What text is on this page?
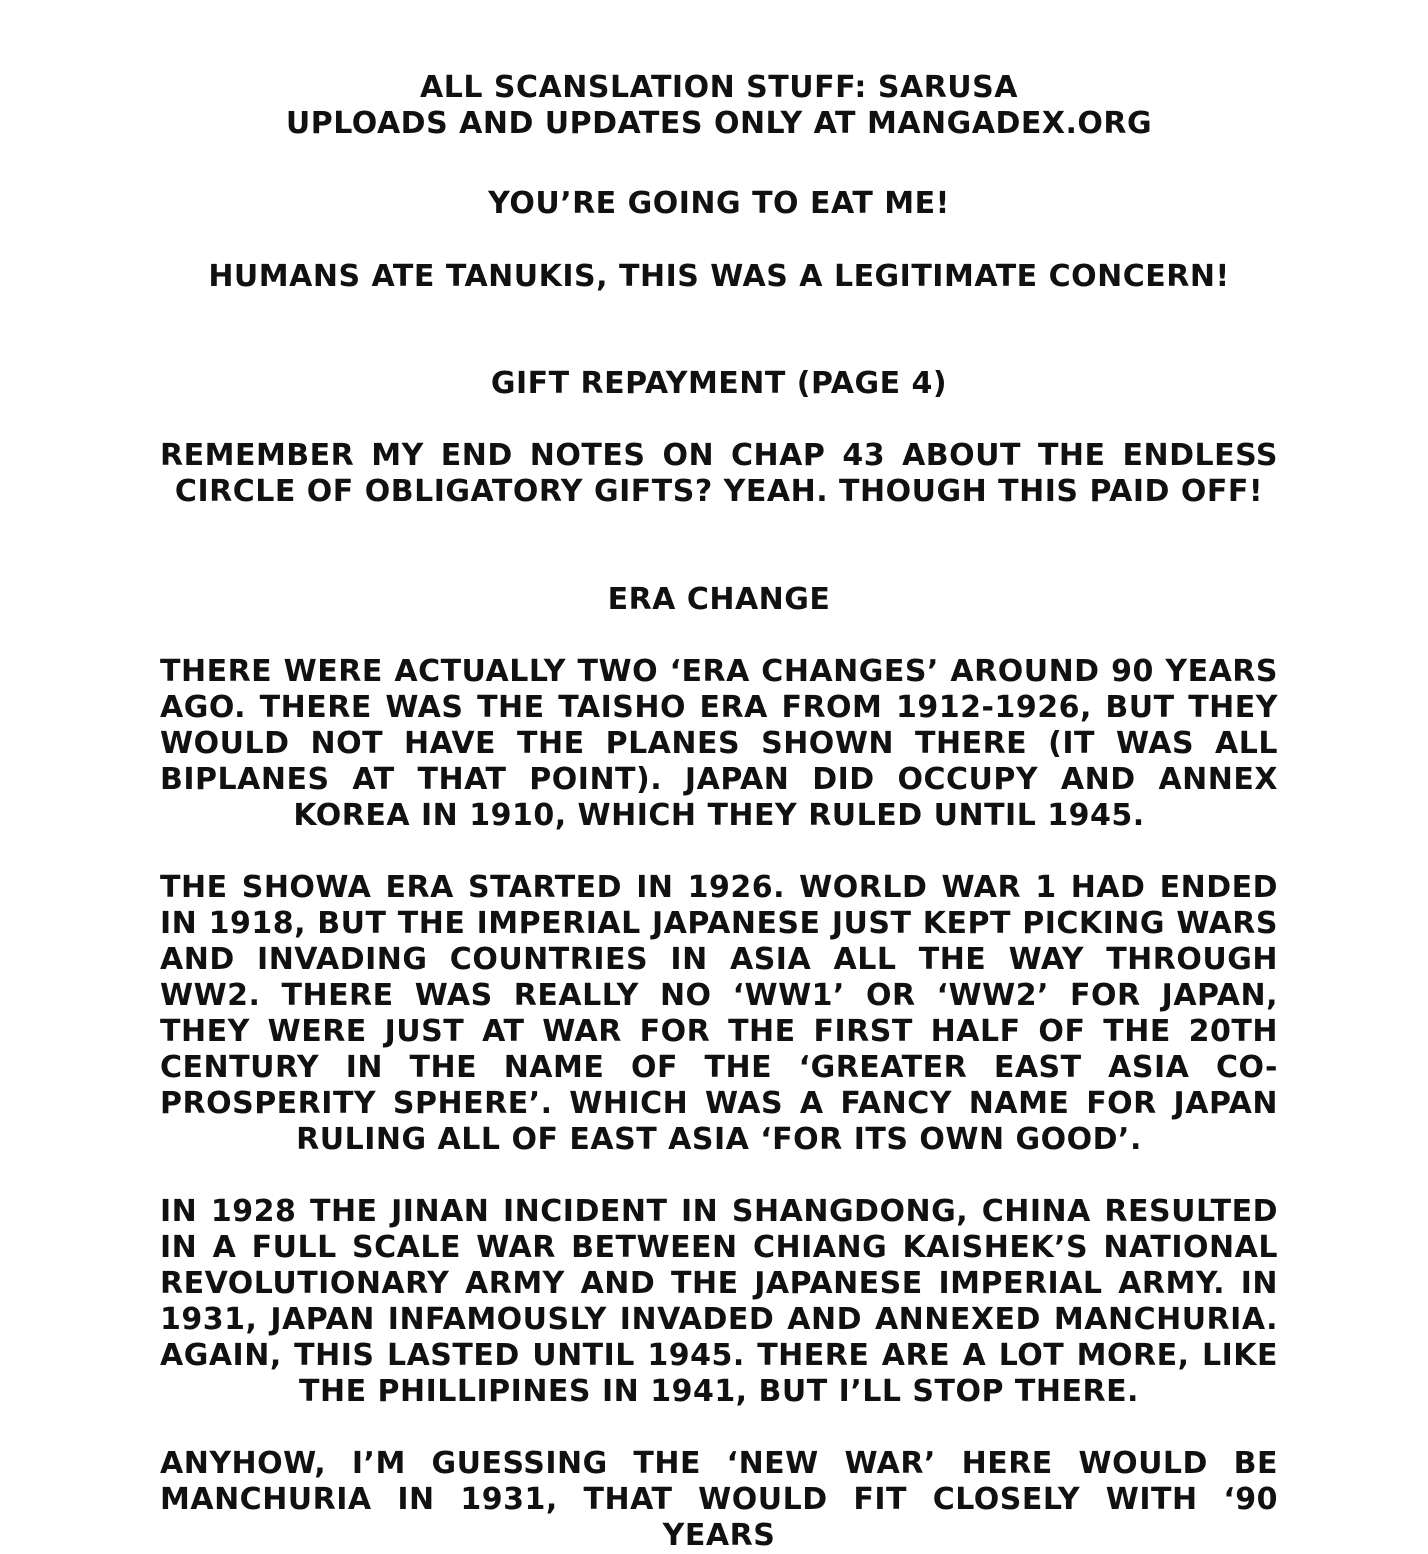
ALL SCANSLATION STUFF: SARUSA

UPLOADS AND UPDATES ONLY AT MANGADEX.ORG

YOU’RE GOING TO EAT ME!

HUMANS ATE TANUKIS, THIS WAS A LEGITIMATE CONCERN!

GIFT REPAYMENT (PAGE 4)

REMEMBER MY END NOTES ON CHAP 43 ABOUT THE ENDLESS CIRCLE OF OBLIGATORY GIFTS? YEAH. THOUGH THIS PAID OFF!

ERA CHANGE

THERE WERE ACTUALLY TWO ‘ERA CHANGES’ AROUND 90 YEARS AGO. THERE WAS THE TAISHO ERA FROM 1912-1926, BUT THEY WOULD NOT HAVE THE PLANES SHOWN THERE (IT WAS ALL BIPLANES AT THAT POINT). JAPAN DID OCCUPY AND ANNEX KOREA IN 1910, WHICH THEY RULED UNTIL 1945.

THE SHOWA ERA STARTED IN 1926. WORLD WAR 1 HAD ENDED IN 1918, BUT THE IMPERIAL JAPANESE JUST KEPT PICKING WARS AND INVADING COUNTRIES IN ASIA ALL THE WAY THROUGH WW2. THERE WAS REALLY NO ‘WW1’ OR ‘WW2’ FOR JAPAN, THEY WERE JUST AT WAR FOR THE FIRST HALF OF THE 20TH CENTURY IN THE NAME OF THE ‘GREATER EAST ASIA CO-PROSPERITY SPHERE’. WHICH WAS A FANCY NAME FOR JAPAN RULING ALL OF EAST ASIA ‘FOR ITS OWN GOOD’.

IN 1928 THE JINAN INCIDENT IN SHANGDONG, CHINA RESULTED IN A FULL SCALE WAR BETWEEN CHIANG KAISHEK’S NATIONAL REVOLUTIONARY ARMY AND THE JAPANESE IMPERIAL ARMY. IN 1931, JAPAN INFAMOUSLY INVADED AND ANNEXED MANCHURIA. AGAIN, THIS LASTED UNTIL 1945. THERE ARE A LOT MORE, LIKE THE PHILLIPINES IN 1941, BUT I’LL STOP THERE.

ANYHOW, I’M GUESSING THE ‘NEW WAR’ HERE WOULD BE MANCHURIA IN 1931, THAT WOULD FIT CLOSELY WITH ‘90 YEARS
